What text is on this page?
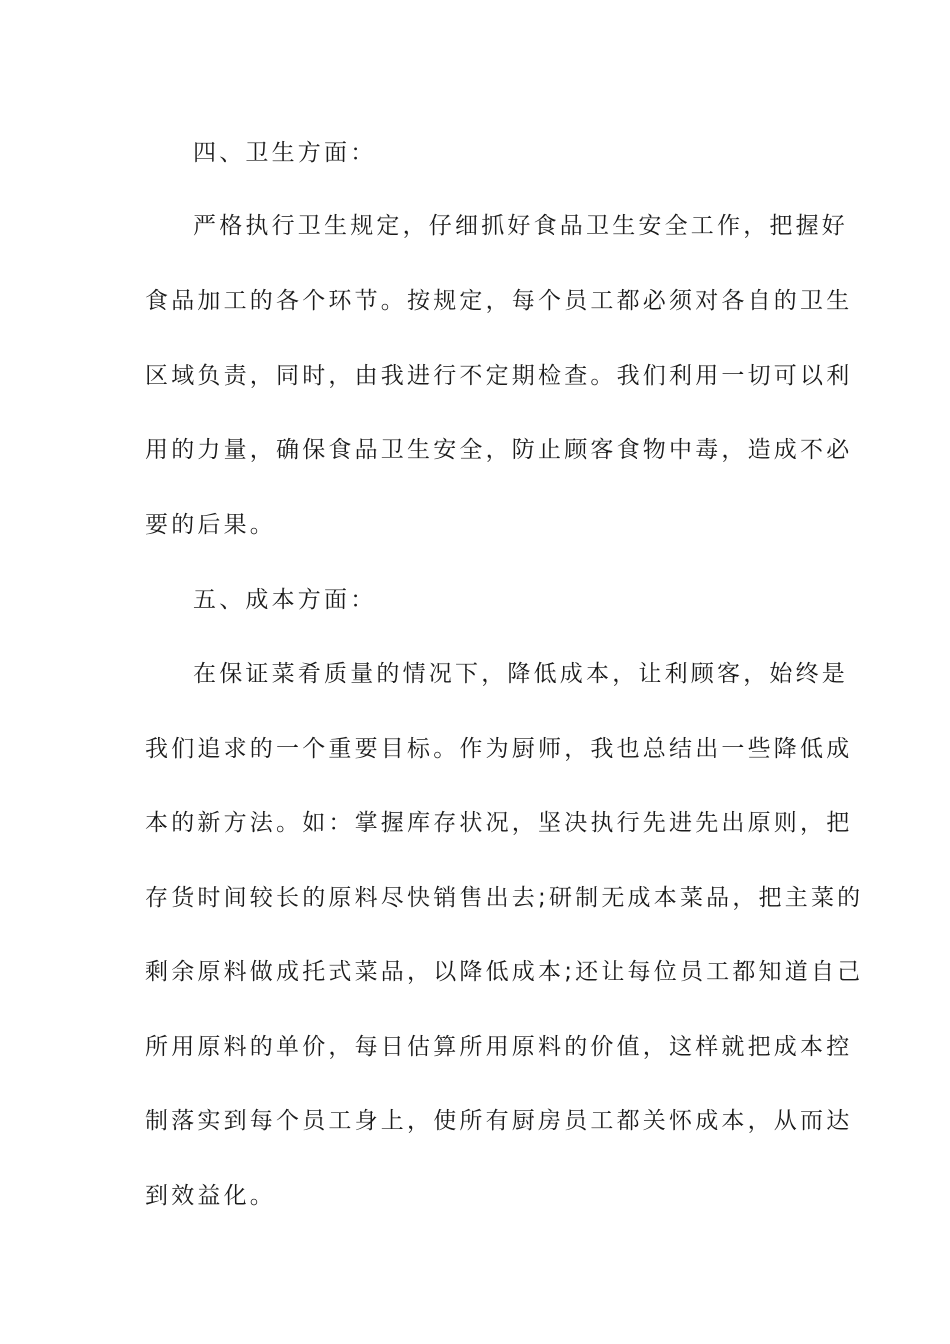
四、卫生方面：

严格执行卫生规定，仔细抓好食品卫生安全工作，把握好

食品加工的各个环节。按规定，每个员工都必须对各自的卫生

区域负责，同时，由我进行不定期检查。我们利用一切可以利

用的力量，确保食品卫生安全，防止顾客食物中毒，造成不必

要的后果。

五、成本方面：

在保证菜肴质量的情况下，降低成本，让利顾客，始终是

我们追求的一个重要目标。作为厨师，我也总结出一些降低成

本的新方法。如：掌握库存状况，坚决执行先进先出原则，把

存货时间较长的原料尽快销售出去;研制无成本菜品，把主菜的

剩余原料做成托式菜品，以降低成本;还让每位员工都知道自己

所用原料的单价，每日估算所用原料的价值，这样就把成本控

制落实到每个员工身上，使所有厨房员工都关怀成本，从而达

到效益化。
